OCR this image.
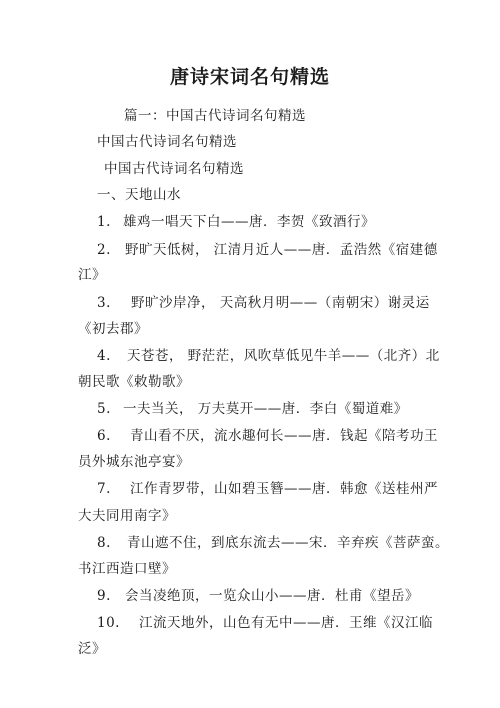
唐诗宋词名句精选
篇一：中国古代诗词名句精选
中国古代诗词名句精选
中国古代诗词名句精选
一、天地山水
1. 雄鸡一唱天下白——唐．李贺《致酒行》
2. 野旷天低树， 江清月近人——唐．孟浩然《宿建德
江》
3. 野旷沙岸净， 天高秋月明——（南朝宋）谢灵运
《初去郡》
4. 天苍苍， 野茫茫，风吹草低见牛羊——（北齐）北
朝民歌《敕勒歌》
5. 一夫当关， 万夫莫开——唐．李白《蜀道难》
6. 青山看不厌，流水趣何长——唐．钱起《陪考功王
员外城东池亭宴》
7. 江作青罗带，山如碧玉簪——唐．韩愈《送桂州严
大夫同用南字》
8. 青山遮不住，到底东流去——宋．辛弃疾《菩萨蛮。
书江西造口壁》
9. 会当凌绝顶，一览众山小——唐．杜甫《望岳》
10. 江流天地外，山色有无中——唐．王维《汉江临
泛》
